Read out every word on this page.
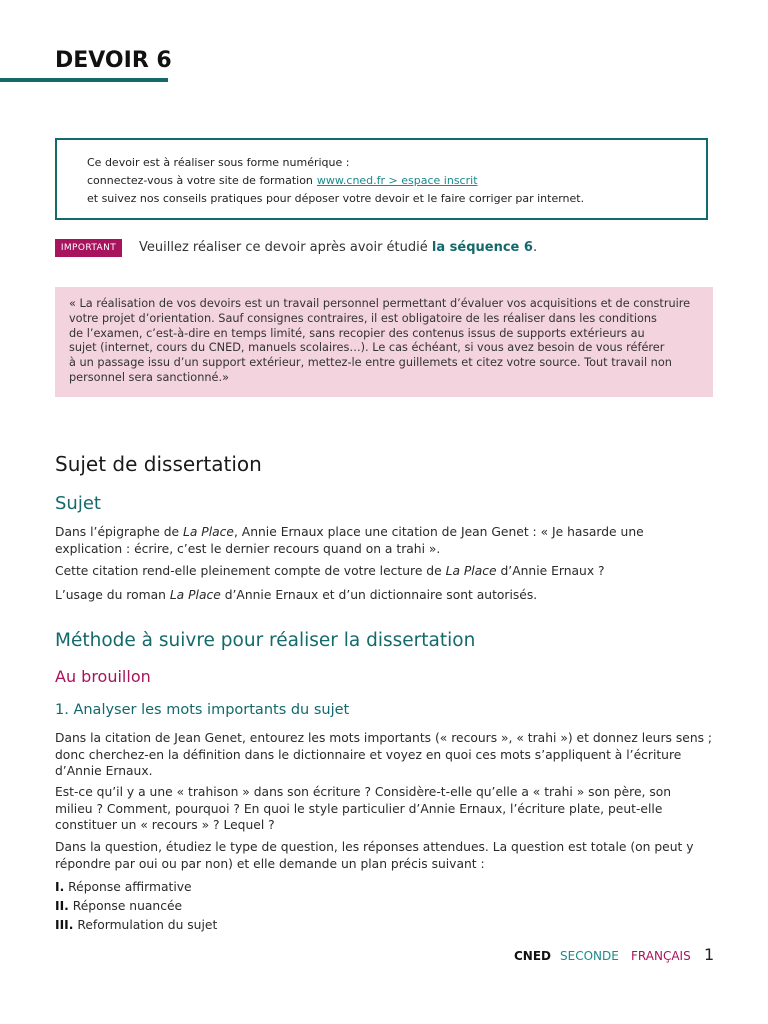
DEVOIR 6
Ce devoir est à réaliser sous forme numérique :
connectez-vous à votre site de formation www.cned.fr > espace inscrit
et suivez nos conseils pratiques pour déposer votre devoir et le faire corriger par internet.
IMPORTANT	Veuillez réaliser ce devoir après avoir étudié la séquence 6.
« La réalisation de vos devoirs est un travail personnel permettant d’évaluer vos acquisitions et de construire
votre projet d’orientation. Sauf consignes contraires, il est obligatoire de les réaliser dans les conditions
de l’examen, c’est-à-dire en temps limité, sans recopier des contenus issus de supports extérieurs au
sujet (internet, cours du CNED, manuels scolaires…). Le cas échéant, si vous avez besoin de vous référer
à un passage issu d’un support extérieur, mettez-le entre guillemets et citez votre source. Tout travail non
personnel sera sanctionné.»
Sujet de dissertation
Sujet

Dans l’épigraphe de La Place, Annie Ernaux place une citation de Jean Genet : « Je hasarde une
explication : écrire, c’est le dernier recours quand on a trahi ».

Cette citation rend-elle pleinement compte de votre lecture de La Place d’Annie Ernaux ?

L’usage du roman La Place d’Annie Ernaux et d’un dictionnaire sont autorisés.

Méthode à suivre pour réaliser la dissertation
Au brouillon
1. Analyser les mots importants du sujet

Dans la citation de Jean Genet, entourez les mots importants (« recours », « trahi ») et donnez leurs sens ;
donc cherchez-en la définition dans le dictionnaire et voyez en quoi ces mots s’appliquent à l’écriture
d’Annie Ernaux.

Est-ce qu’il y a une « trahison » dans son écriture ? Considère-t-elle qu’elle a « trahi » son père, son
milieu ? Comment, pourquoi ? En quoi le style particulier d’Annie Ernaux, l’écriture plate, peut-elle
constituer un « recours » ? Lequel ?

Dans la question, étudiez le type de question, les réponses attendues. La question est totale (on peut y
répondre par oui ou par non) et elle demande un plan précis suivant :

I. Réponse affirmative
II. Réponse nuancée
III. Reformulation du sujet
CNED SECONDE FRANÇAIS 1
